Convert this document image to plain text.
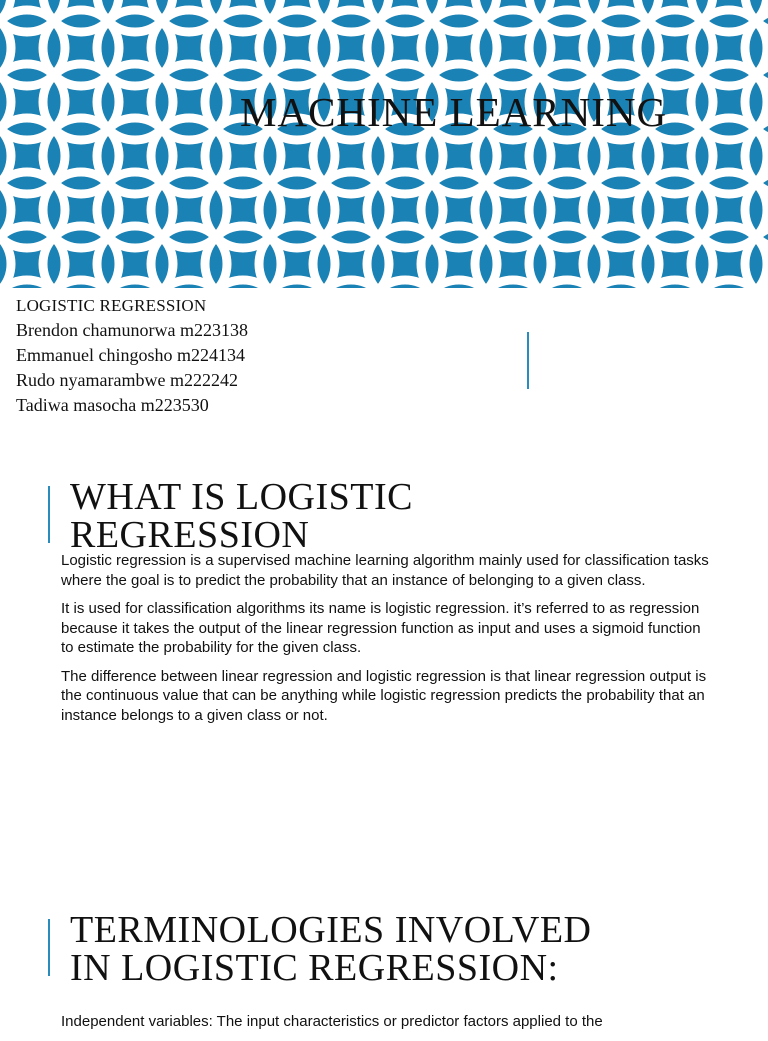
MACHINE LEARNING
LOGISTIC REGRESSION
Brendon chamunorwa m223138
Emmanuel chingosho m224134
Rudo nyamarambwe m222242
Tadiwa masocha m223530
WHAT IS LOGISTIC
REGRESSION

Logistic regression is a supervised machine learning algorithm mainly used for classification tasks where the goal is to predict the probability that an instance of belonging to a given class.

It is used for classification algorithms its name is logistic regression. it’s referred to as regression because it takes the output of the linear regression function as input and uses a sigmoid function to estimate the probability for the given class.

The difference between linear regression and logistic regression is that linear regression output is the continuous value that can be anything while logistic regression predicts the probability that an instance belongs to a given class or not.

TERMINOLOGIES INVOLVED
IN LOGISTIC REGRESSION:

Independent variables: The input characteristics or predictor factors applied to the
